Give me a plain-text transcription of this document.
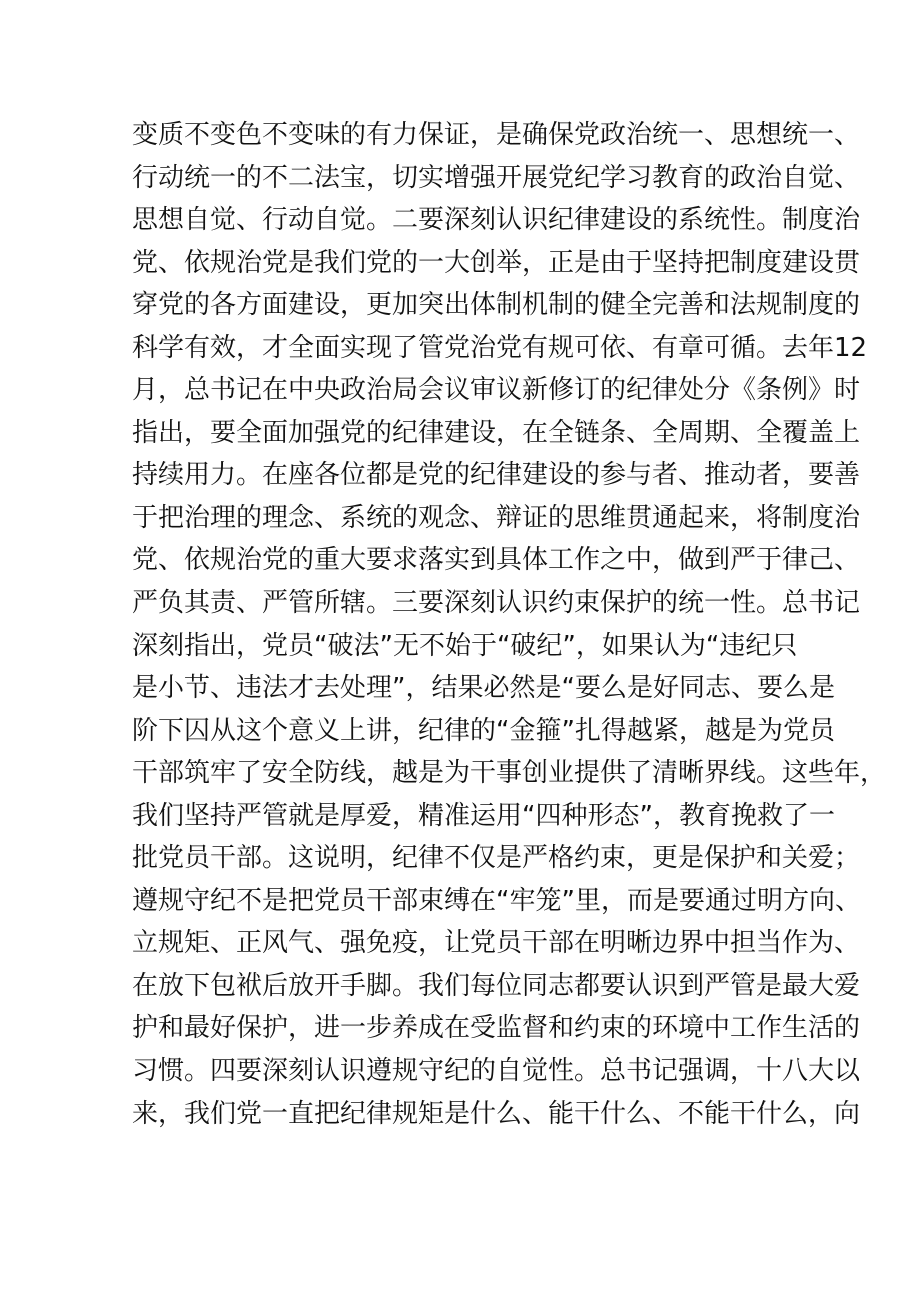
变质不变色不变味的有力保证，是确保党政治统一、思想统一、
行动统一的不二法宝，切实增强开展党纪学习教育的政治自觉、
思想自觉、行动自觉。二要深刻认识纪律建设的系统性。制度治
党、依规治党是我们党的一大创举，正是由于坚持把制度建设贯
穿党的各方面建设，更加突出体制机制的健全完善和法规制度的
科学有效，才全面实现了管党治党有规可依、有章可循。去年12
月，总书记在中央政治局会议审议新修订的纪律处分《条例》时
指出，要全面加强党的纪律建设，在全链条、全周期、全覆盖上
持续用力。在座各位都是党的纪律建设的参与者、推动者，要善
于把治理的理念、系统的观念、辩证的思维贯通起来，将制度治
党、依规治党的重大要求落实到具体工作之中，做到严于律己、
严负其责、严管所辖。三要深刻认识约束保护的统一性。总书记
深刻指出，党员“破法”无不始于“破纪”，如果认为“违纪只
是小节、违法才去处理”，结果必然是“要么是好同志、要么是
阶下囚从这个意义上讲，纪律的“金箍”扎得越紧，越是为党员
干部筑牢了安全防线，越是为干事创业提供了清晰界线。这些年，
我们坚持严管就是厚爱，精准运用“四种形态”，教育挽救了一
批党员干部。这说明，纪律不仅是严格约束，更是保护和关爱；
遵规守纪不是把党员干部束缚在“牢笼”里，而是要通过明方向、
立规矩、正风气、强免疫，让党员干部在明晰边界中担当作为、
在放下包袱后放开手脚。我们每位同志都要认识到严管是最大爱
护和最好保护，进一步养成在受监督和约束的环境中工作生活的
习惯。四要深刻认识遵规守纪的自觉性。总书记强调，十八大以
来，我们党一直把纪律规矩是什么、能干什么、不能干什么，向
